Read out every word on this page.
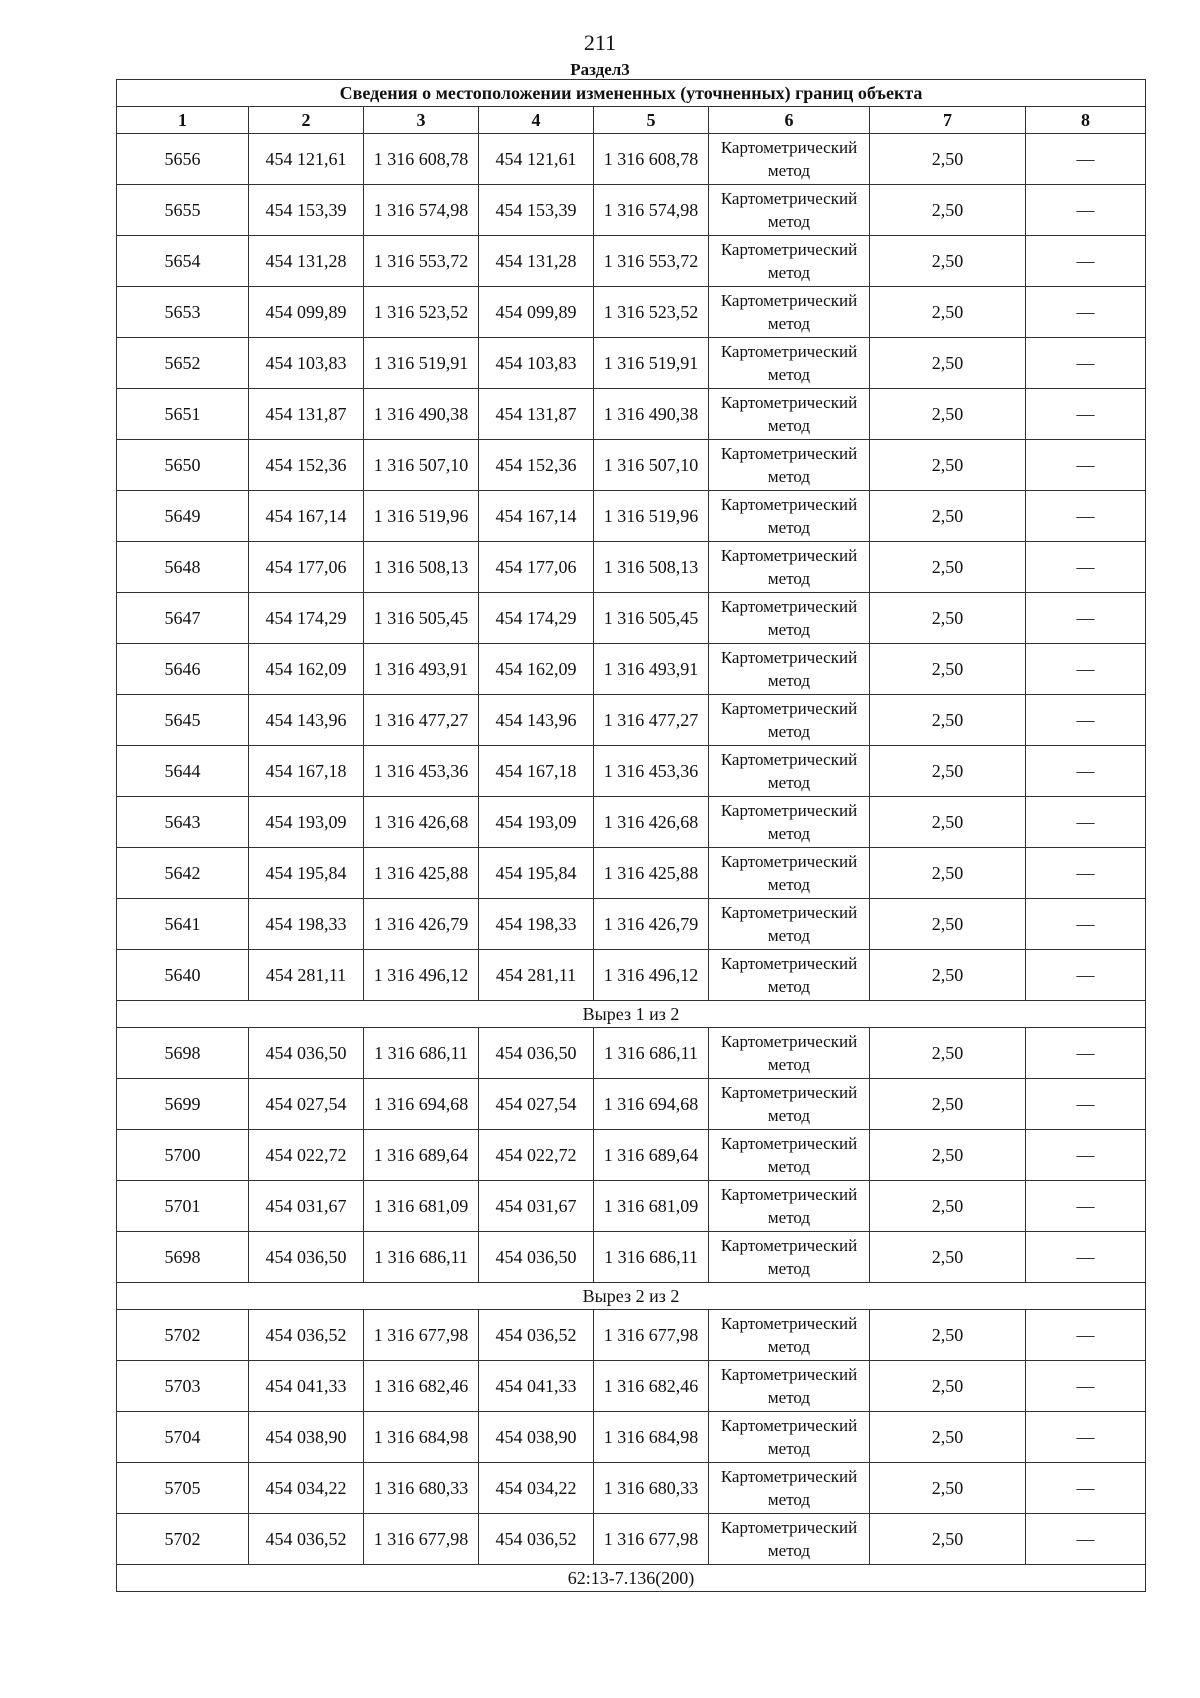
211
Раздел3
Сведения о местоположении измененных (уточненных) границ объекта							
1	2	3	4	5	6	7	8
5656	454 121,61	1 316 608,78	454 121,61	1 316 608,78	Картометрический метод	2,50	—
5655	454 153,39	1 316 574,98	454 153,39	1 316 574,98	Картометрический метод	2,50	—
5654	454 131,28	1 316 553,72	454 131,28	1 316 553,72	Картометрический метод	2,50	—
5653	454 099,89	1 316 523,52	454 099,89	1 316 523,52	Картометрический метод	2,50	—
5652	454 103,83	1 316 519,91	454 103,83	1 316 519,91	Картометрический метод	2,50	—
5651	454 131,87	1 316 490,38	454 131,87	1 316 490,38	Картометрический метод	2,50	—
5650	454 152,36	1 316 507,10	454 152,36	1 316 507,10	Картометрический метод	2,50	—
5649	454 167,14	1 316 519,96	454 167,14	1 316 519,96	Картометрический метод	2,50	—
5648	454 177,06	1 316 508,13	454 177,06	1 316 508,13	Картометрический метод	2,50	—
5647	454 174,29	1 316 505,45	454 174,29	1 316 505,45	Картометрический метод	2,50	—
5646	454 162,09	1 316 493,91	454 162,09	1 316 493,91	Картометрический метод	2,50	—
5645	454 143,96	1 316 477,27	454 143,96	1 316 477,27	Картометрический метод	2,50	—
5644	454 167,18	1 316 453,36	454 167,18	1 316 453,36	Картометрический метод	2,50	—
5643	454 193,09	1 316 426,68	454 193,09	1 316 426,68	Картометрический метод	2,50	—
5642	454 195,84	1 316 425,88	454 195,84	1 316 425,88	Картометрический метод	2,50	—
5641	454 198,33	1 316 426,79	454 198,33	1 316 426,79	Картометрический метод	2,50	—
5640	454 281,11	1 316 496,12	454 281,11	1 316 496,12	Картометрический метод	2,50	—
Вырез 1 из 2							
5698	454 036,50	1 316 686,11	454 036,50	1 316 686,11	Картометрический метод	2,50	—
5699	454 027,54	1 316 694,68	454 027,54	1 316 694,68	Картометрический метод	2,50	—
5700	454 022,72	1 316 689,64	454 022,72	1 316 689,64	Картометрический метод	2,50	—
5701	454 031,67	1 316 681,09	454 031,67	1 316 681,09	Картометрический метод	2,50	—
5698	454 036,50	1 316 686,11	454 036,50	1 316 686,11	Картометрический метод	2,50	—
Вырез 2 из 2							
5702	454 036,52	1 316 677,98	454 036,52	1 316 677,98	Картометрический метод	2,50	—
5703	454 041,33	1 316 682,46	454 041,33	1 316 682,46	Картометрический метод	2,50	—
5704	454 038,90	1 316 684,98	454 038,90	1 316 684,98	Картометрический метод	2,50	—
5705	454 034,22	1 316 680,33	454 034,22	1 316 680,33	Картометрический метод	2,50	—
5702	454 036,52	1 316 677,98	454 036,52	1 316 677,98	Картометрический метод	2,50	—
62:13-7.136(200)							
